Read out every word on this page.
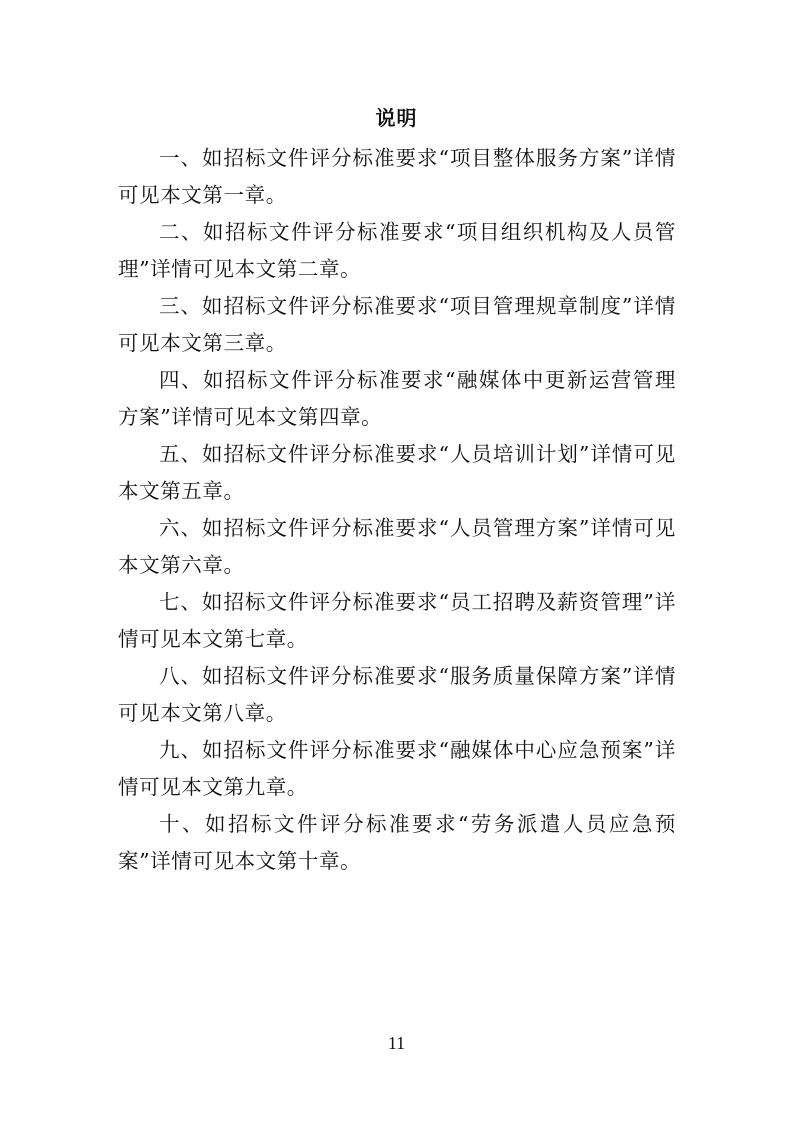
说明

一、如招标文件评分标准要求“项目整体服务方案”详情可见本文第一章。

二、如招标文件评分标准要求“项目组织机构及人员管理”详情可见本文第二章。

三、如招标文件评分标准要求“项目管理规章制度”详情可见本文第三章。

四、如招标文件评分标准要求“融媒体中更新运营管理方案”详情可见本文第四章。

五、如招标文件评分标准要求“人员培训计划”详情可见本文第五章。

六、如招标文件评分标准要求“人员管理方案”详情可见本文第六章。

七、如招标文件评分标准要求“员工招聘及薪资管理”详情可见本文第七章。

八、如招标文件评分标准要求“服务质量保障方案”详情可见本文第八章。

九、如招标文件评分标准要求“融媒体中心应急预案”详情可见本文第九章。

十、如招标文件评分标准要求“劳务派遣人员应急预案”详情可见本文第十章。

11
